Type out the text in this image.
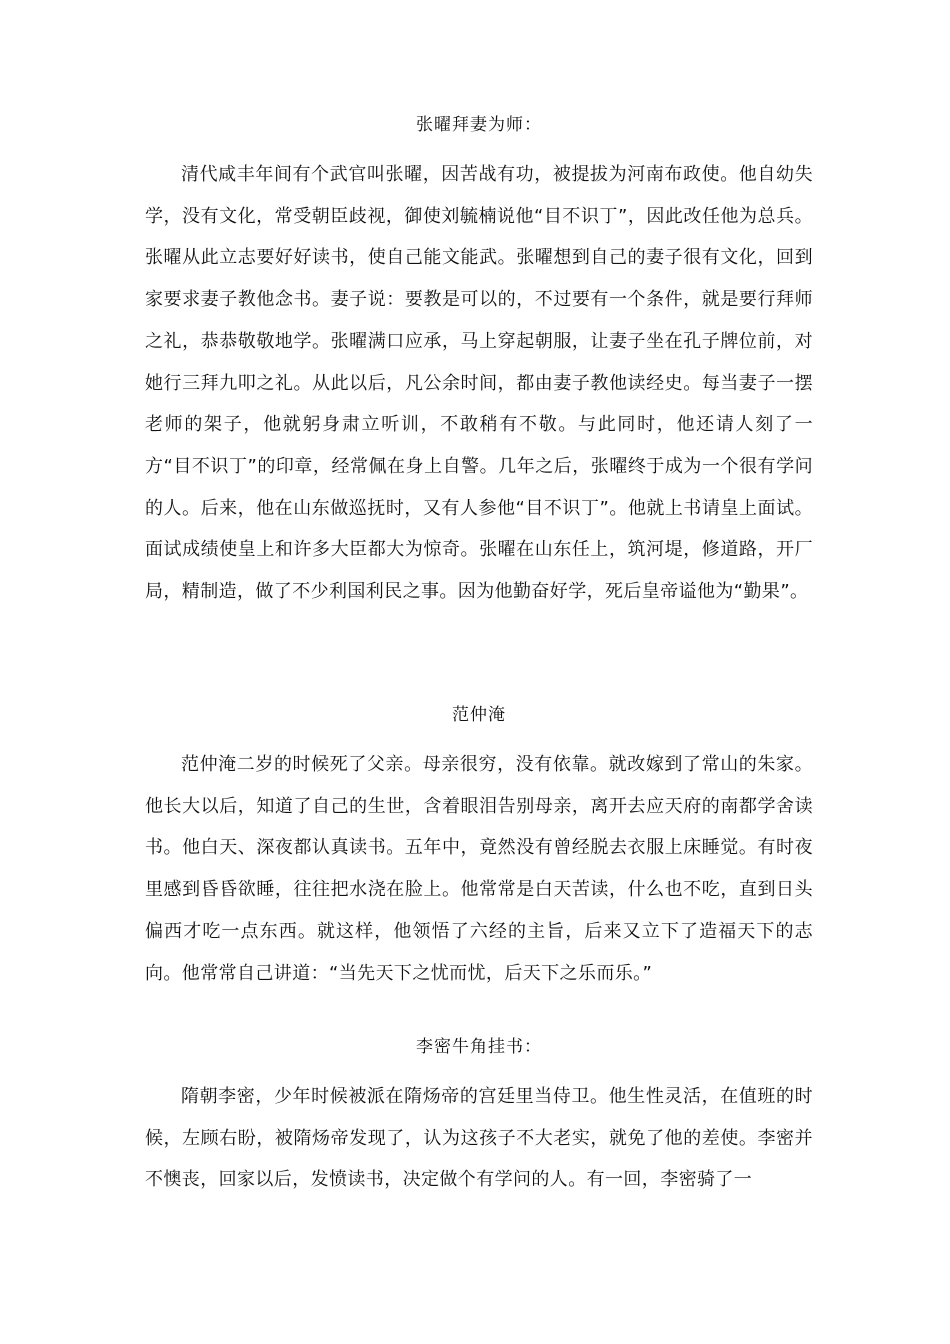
张曜拜妻为师：

清代咸丰年间有个武官叫张曜，因苦战有功，被提拔为河南布政使。他自幼失学，没有文化，常受朝臣歧视，御使刘毓楠说他“目不识丁”，因此改任他为总兵。张曜从此立志要好好读书，使自己能文能武。张曜想到自己的妻子很有文化，回到家要求妻子教他念书。妻子说：要教是可以的，不过要有一个条件，就是要行拜师之礼，恭恭敬敬地学。张曜满口应承，马上穿起朝服，让妻子坐在孔子牌位前，对她行三拜九叩之礼。从此以后，凡公余时间，都由妻子教他读经史。每当妻子一摆老师的架子，他就躬身肃立听训，不敢稍有不敬。与此同时，他还请人刻了一方“目不识丁”的印章，经常佩在身上自警。几年之后，张曜终于成为一个很有学问的人。后来，他在山东做巡抚时，又有人参他“目不识丁”。他就上书请皇上面试。面试成绩使皇上和许多大臣都大为惊奇。张曜在山东任上，筑河堤，修道路，开厂局，精制造，做了不少利国利民之事。因为他勤奋好学，死后皇帝谥他为“勤果”。

范仲淹

范仲淹二岁的时候死了父亲。母亲很穷，没有依靠。就改嫁到了常山的朱家。他长大以后，知道了自己的生世，含着眼泪告别母亲，离开去应天府的南都学舍读书。他白天、深夜都认真读书。五年中，竟然没有曾经脱去衣服上床睡觉。有时夜里感到昏昏欲睡，往往把水浇在脸上。他常常是白天苦读，什么也不吃，直到日头偏西才吃一点东西。就这样，他领悟了六经的主旨，后来又立下了造福天下的志向。他常常自己讲道：“当先天下之忧而忧，后天下之乐而乐。”

李密牛角挂书：

隋朝李密，少年时候被派在隋炀帝的宫廷里当侍卫。他生性灵活，在值班的时候，左顾右盼，被隋炀帝发现了，认为这孩子不大老实，就免了他的差使。李密并不懊丧，回家以后，发愤读书，决定做个有学问的人。有一回，李密骑了一
